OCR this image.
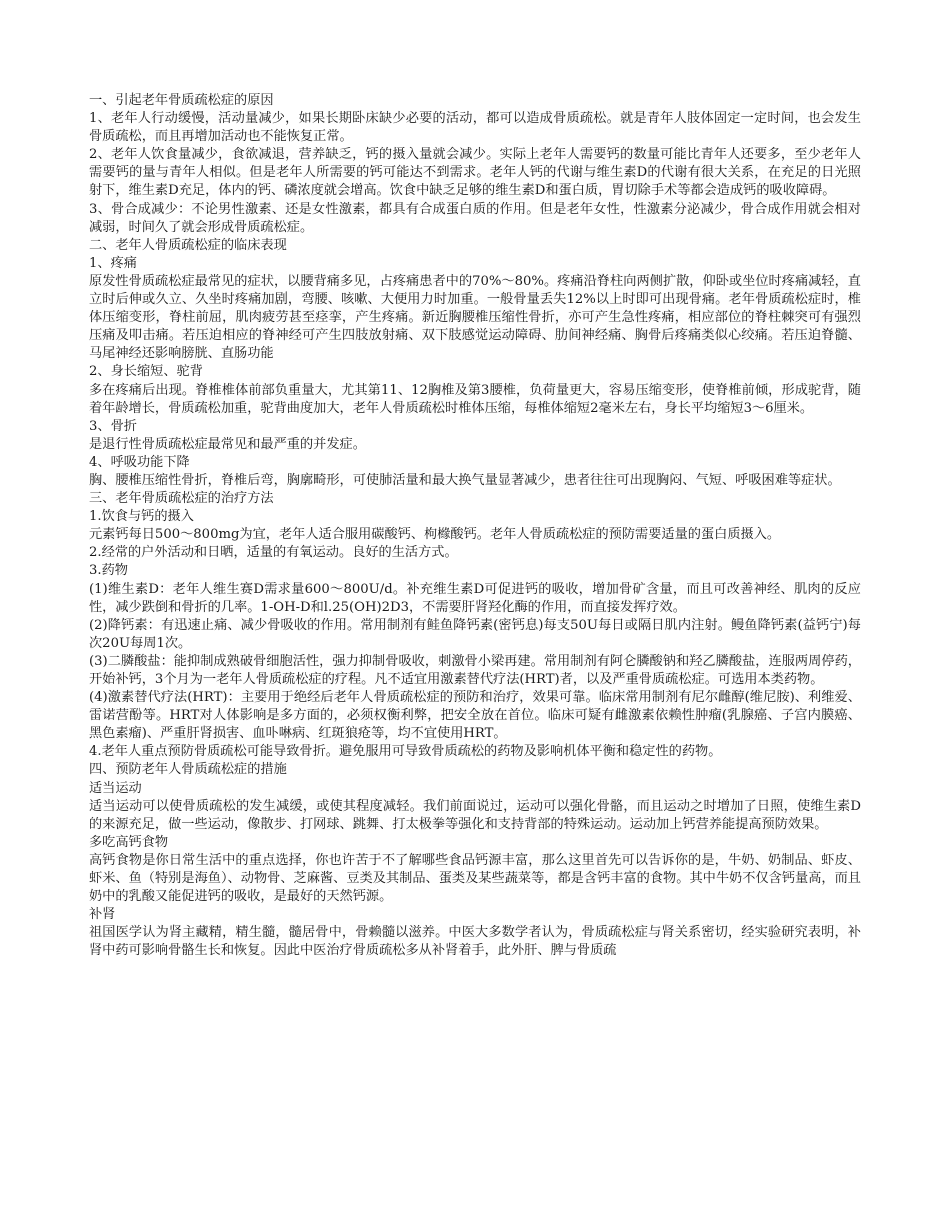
一、引起老年骨质疏松症的原因

1、老年人行动缓慢，活动量减少，如果长期卧床缺少必要的活动，都可以造成骨质疏松。就是青年人肢体固定一定时间，也会发生骨质疏松，而且再增加活动也不能恢复正常。

2、老年人饮食量减少，食欲减退，营养缺乏，钙的摄入量就会减少。实际上老年人需要钙的数量可能比青年人还要多，至少老年人需要钙的量与青年人相似。但是老年人所需要的钙可能达不到需求。老年人钙的代谢与维生素D的代谢有很大关系，在充足的日光照射下，维生素D充足，体内的钙、磷浓度就会增高。饮食中缺乏足够的维生素D和蛋白质，胃切除手术等都会造成钙的吸收障碍。

3、骨合成减少：不论男性激素、还是女性激素，都具有合成蛋白质的作用。但是老年女性，性激素分泌减少，骨合成作用就会相对减弱，时间久了就会形成骨质疏松症。

二、老年人骨质疏松症的临床表现

1、疼痛

原发性骨质疏松症最常见的症状，以腰背痛多见，占疼痛患者中的70%～80%。疼痛沿脊柱向两侧扩散，仰卧或坐位时疼痛减轻，直立时后伸或久立、久坐时疼痛加剧，弯腰、咳嗽、大便用力时加重。一般骨量丢失12%以上时即可出现骨痛。老年骨质疏松症时，椎体压缩变形，脊柱前屈，肌肉疲劳甚至痉挛，产生疼痛。新近胸腰椎压缩性骨折，亦可产生急性疼痛，相应部位的脊柱棘突可有强烈压痛及叩击痛。若压迫相应的脊神经可产生四肢放射痛、双下肢感觉运动障碍、肋间神经痛、胸骨后疼痛类似心绞痛。若压迫脊髓、马尾神经还影响膀胱、直肠功能

2、身长缩短、驼背

多在疼痛后出现。脊椎椎体前部负重量大，尤其第11、12胸椎及第3腰椎，负荷量更大，容易压缩变形，使脊椎前倾，形成驼背，随着年龄增长，骨质疏松加重，驼背曲度加大，老年人骨质疏松时椎体压缩，每椎体缩短2毫米左右，身长平均缩短3～6厘米。

3、骨折

是退行性骨质疏松症最常见和最严重的并发症。

4、呼吸功能下降

胸、腰椎压缩性骨折，脊椎后弯，胸廓畸形，可使肺活量和最大换气量显著减少，患者往往可出现胸闷、气短、呼吸困难等症状。

三、老年骨质疏松症的治疗方法

1.饮食与钙的摄入

元素钙每日500～800mg为宜，老年人适合服用碳酸钙、枸橼酸钙。老年人骨质疏松症的预防需要适量的蛋白质摄入。

2.经常的户外活动和日晒，适量的有氧运动。良好的生活方式。

3.药物

(1)维生素D：老年人维生赛D需求量600～800U/d。补充维生素D可促进钙的吸收，增加骨矿含量，而且可改善神经、肌肉的反应性，减少跌倒和骨折的几率。1-OH-D和l.25(OH)2D3，不需要肝肾羟化酶的作用，而直接发挥疗效。

(2)降钙素：有迅速止痛、减少骨吸收的作用。常用制剂有鲑鱼降钙素(密钙息)每支50U每日或隔日肌内注射。鳗鱼降钙素(益钙宁)每次20U每周1次。

(3)二膦酸盐：能抑制成熟破骨细胞活性，强力抑制骨吸收，刺激骨小梁再建。常用制剂有阿仑膦酸钠和羟乙膦酸盐，连服两周停药，开始补钙，3个月为一老年人骨质疏松症的疗程。凡不适宜用激素替代疗法(HRT)者，以及严重骨质疏松症。可选用本类药物。

(4)激素替代疗法(HRT)：主要用于绝经后老年人骨质疏松症的预防和治疗，效果可靠。临床常用制剂有尼尔雌醇(维尼胺)、利维爱、雷诺营酚等。HRT对人体影响是多方面的，必须权衡利弊，把安全放在首位。临床可疑有雌激素依赖性肿瘤(乳腺癌、子宫内膜癌、黑色素瘤)、严重肝肾损害、血卟啉病、红斑狼疮等，均不宜使用HRT。

4.老年人重点预防骨质疏松可能导致骨折。避免服用可导致骨质疏松的药物及影响机体平衡和稳定性的药物。

四、预防老年人骨质疏松症的措施

适当运动

适当运动可以使骨质疏松的发生减缓，或使其程度减轻。我们前面说过，运动可以强化骨骼，而且运动之时增加了日照，使维生素D的来源充足，做一些运动，像散步、打网球、跳舞、打太极拳等强化和支持背部的特殊运动。运动加上钙营养能提高预防效果。

多吃高钙食物

高钙食物是你日常生活中的重点选择，你也许苦于不了解哪些食品钙源丰富，那么这里首先可以告诉你的是，牛奶、奶制品、虾皮、虾米、鱼（特别是海鱼）、动物骨、芝麻酱、豆类及其制品、蛋类及某些蔬菜等，都是含钙丰富的食物。其中牛奶不仅含钙量高，而且奶中的乳酸又能促进钙的吸收，是最好的天然钙源。

补肾

祖国医学认为肾主藏精，精生髓，髓居骨中，骨赖髓以滋养。中医大多数学者认为，骨质疏松症与肾关系密切，经实验研究表明，补肾中药可影响骨骼生长和恢复。因此中医治疗骨质疏松多从补肾着手，此外肝、脾与骨质疏
